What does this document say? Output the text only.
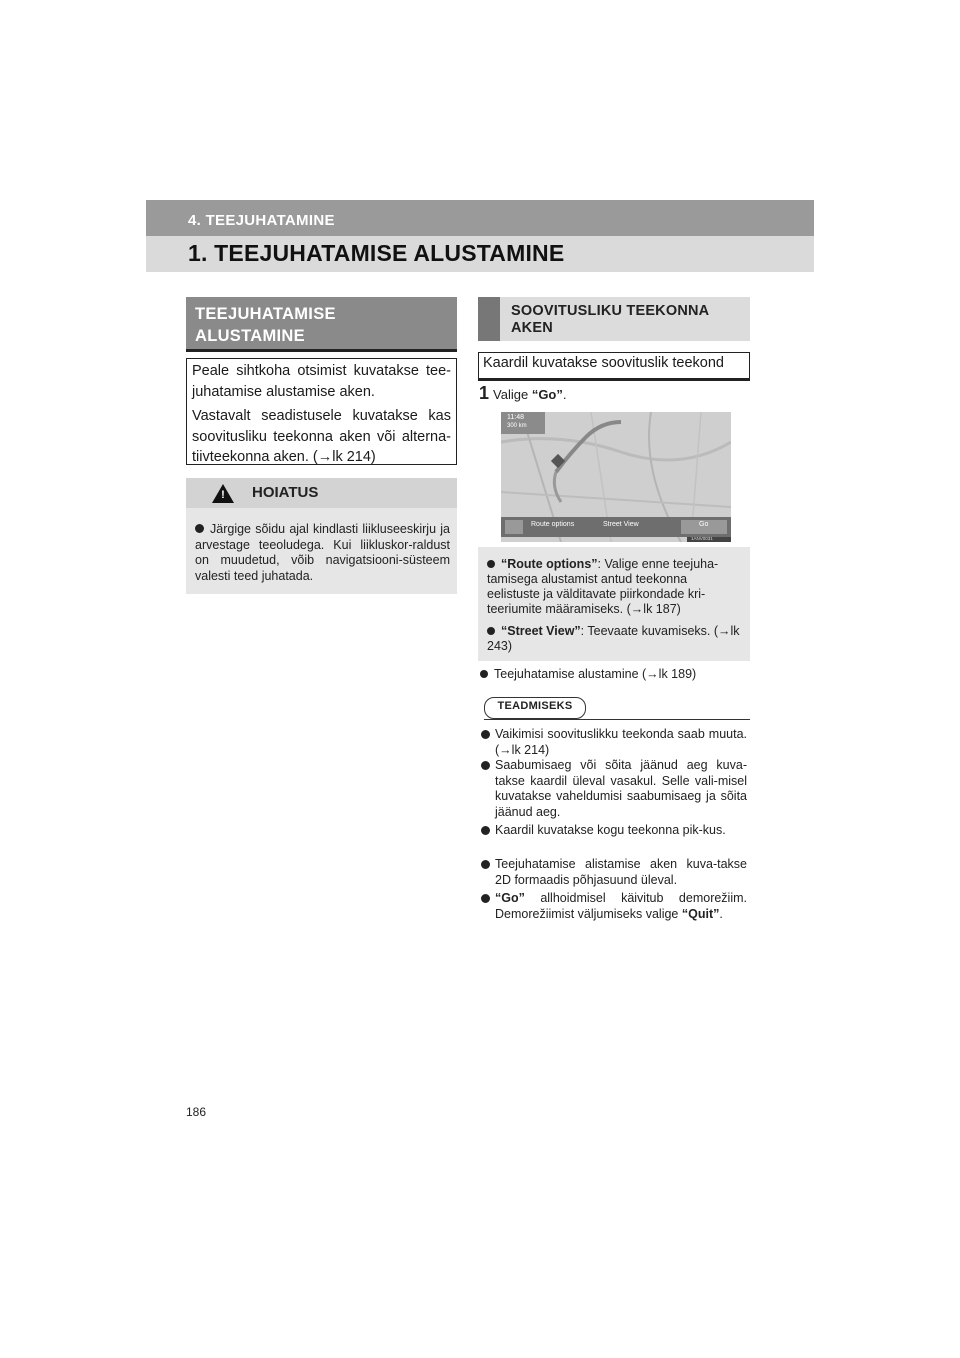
4. TEEJUHATAMINE
1. TEEJUHATAMISE ALUSTAMINE
TEEJUHATAMISE ALUSTAMINE

Peale sihtkoha otsimist kuvatakse tee-juhatamise alustamise aken.

Vastavalt seadistusele kuvatakse kas soovitusliku teekonna aken või alterna-tiivteekonna aken. (→lk 214)

! HOIATUS
Järgige sõidu ajal kindlasti liikluseeskirju ja arvestage teeoludega. Kui liikluskor-raldust on muudetud, võib navigatsiooni-süsteem valesti teed juhatada.
SOOVITUSLIKU TEEKONNA AKEN
Kaardil kuvatakse soovituslik teekond
1 Valige “Go”.
11:48
300 km
Route options	Street View	Go
1ANV0031
“Route options”: Valige enne teejuha-tamisega alustamist antud teekonna eelistuste ja välditavate piirkondade kri-teeriumite määramiseks. (→lk 187)
“Street View”: Teevaate kuvamiseks. (→lk 243)
Teejuhatamise alustamine (→lk 189)
TEADMISEKS
Vaikimisi soovituslikku teekonda saab muuta. (→lk 214)
Saabumisaeg või sõita jäänud aeg kuva-takse kaardil üleval vasakul. Selle vali-misel kuvatakse vaheldumisi saabumisaeg ja sõita jäänud aeg.
Kaardil kuvatakse kogu teekonna pik-kus.
Teejuhatamise alistamise aken kuva-takse 2D formaadis põhjasuund üleval.
“Go” allhoidmisel käivitub demorežiim. Demorežiimist väljumiseks valige “Quit”.
186
